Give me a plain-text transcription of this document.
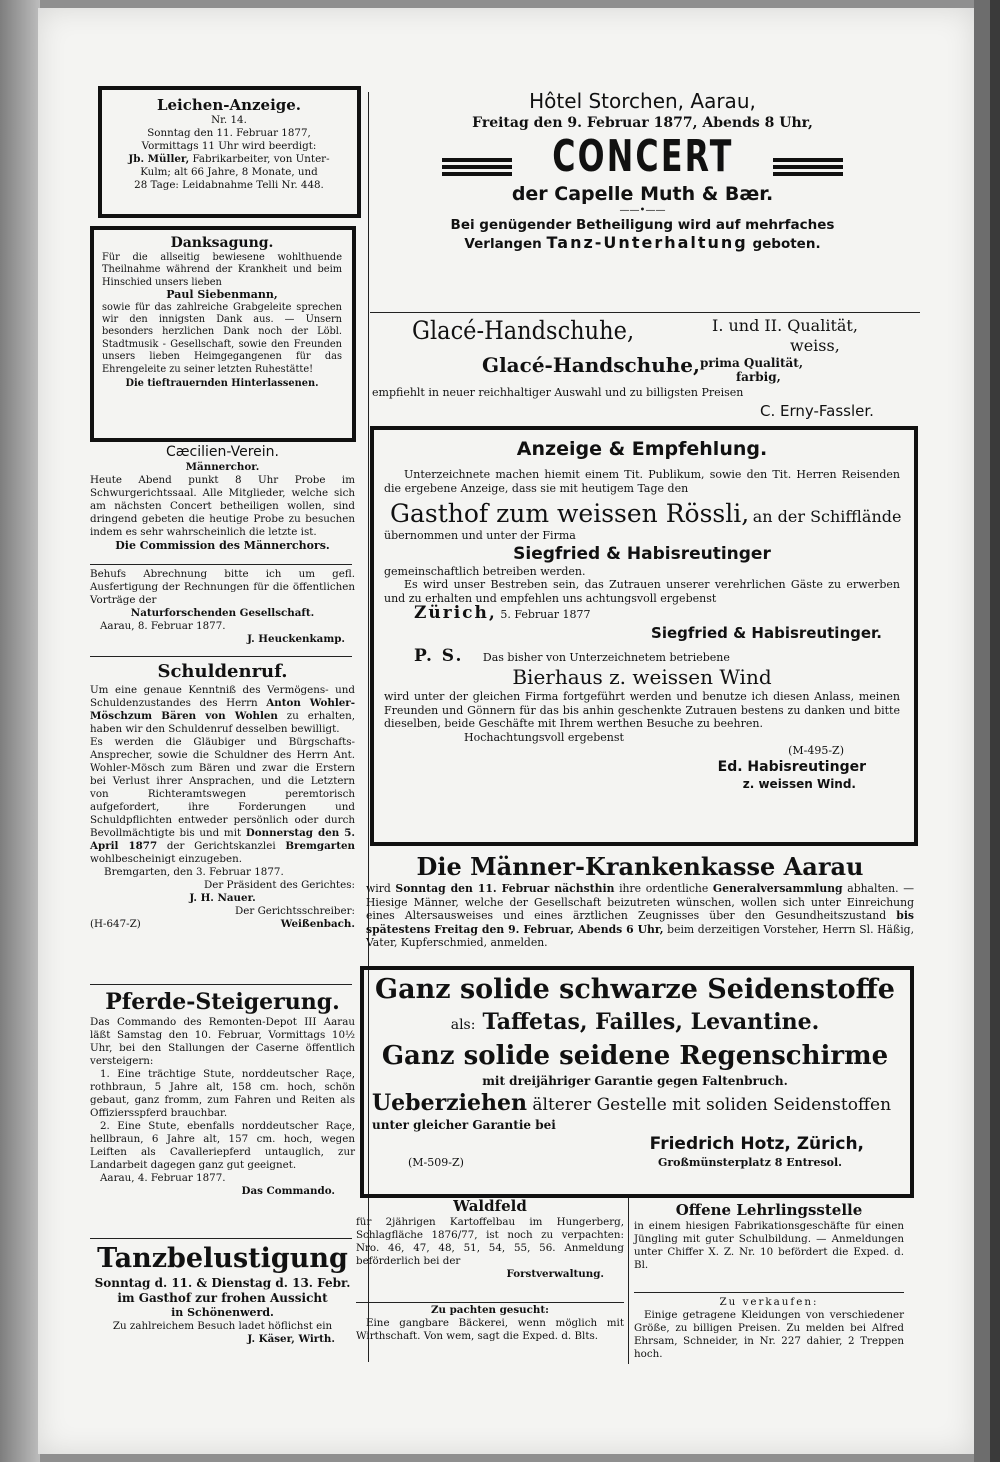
Leichen-Anzeige.

Nr. 14.

Sonntag den 11. Februar 1877,

Vormittags 11 Uhr wird beerdigt:

Jb. Müller, Fabrikarbeiter, von Unter-

Kulm; alt 66 Jahre, 8 Monate, und

28 Tage: Leidabnahme Telli Nr. 448.

Danksagung.

Für die allseitig bewiesene wohlthuende Theilnahme während der Krankheit und beim Hinschied unsers lieben

Paul Siebenmann,

sowie für das zahlreiche Grabgeleite sprechen wir den innigsten Dank aus. — Unsern besonders herzlichen Dank noch der Löbl. Stadtmusik - Gesellschaft, sowie den Freunden unsers lieben Heimgegangenen für das Ehrengeleite zu seiner letzten Ruhestätte!

Die tieftrauernden Hinterlassenen.

Cæcilien-Verein.

Männerchor.

Heute Abend punkt 8 Uhr Probe im Schwurgerichtssaal. Alle Mitglieder, welche sich am nächsten Concert betheiligen wollen, sind dringend gebeten die heutige Probe zu besuchen indem es sehr wahrscheinlich die letzte ist.

Die Commission des Männerchors.

Behufs Abrechnung bitte ich um gefl. Ausfertigung der Rechnungen für die öffentlichen Vorträge der

Naturforschenden Gesellschaft.

Aarau, 8. Februar 1877.

J. Heuckenkamp.

Schuldenruf.

Um eine genaue Kenntniß des Vermögens- und Schuldenzustandes des Herrn Anton Wohler-Möschzum Bären von Wohlen zu erhalten, haben wir den Schuldenruf desselben bewilligt.

Es werden die Gläubiger und Bürgschafts-Ansprecher, sowie die Schuldner des Herrn Ant. Wohler-Mösch zum Bären und zwar die Erstern bei Verlust ihrer Ansprachen, und die Letztern von Richteramtswegen peremtorisch aufgefordert, ihre Forderungen und Schuldpflichten entweder persönlich oder durch Bevollmächtigte bis und mit Donnerstag den 5. April 1877 der Gerichtskanzlei Bremgarten wohlbescheinigt einzugeben.

Bremgarten, den 3. Februar 1877.

Der Präsident des Gerichtes:

J. H. Nauer.

Der Gerichtsschreiber:

(H-647-Z)	Weißenbach.

Pferde-Steigerung.

Das Commando des Remonten-Depot III Aarau läßt Samstag den 10. Februar, Vormittags 10½ Uhr, bei den Stallungen der Caserne öffentlich versteigern:

1. Eine trächtige Stute, norddeutscher Raçe, rothbraun, 5 Jahre alt, 158 cm. hoch, schön gebaut, ganz fromm, zum Fahren und Reiten als Offiziersspferd brauchbar.

2. Eine Stute, ebenfalls norddeutscher Raçe, hellbraun, 6 Jahre alt, 157 cm. hoch, wegen Leiften als Cavalleriepferd untauglich, zur Landarbeit dagegen ganz gut geeignet.

Aarau, 4. Februar 1877.

Das Commando.

Tanzbelustigung

Sonntag d. 11. & Dienstag d. 13. Febr.

im Gasthof zur frohen Aussicht

in Schönenwerd.

Zu zahlreichem Besuch ladet höflichst ein

J. Käser, Wirth.

Hôtel Storchen, Aarau,

Freitag den 9. Februar 1877, Abends 8 Uhr,

CONCERT

der Capelle Muth & Bær.

——•——

Bei genügender Betheiligung wird auf mehrfaches Verlangen Tanz-Unterhaltung geboten.

Glacé-Handschuhe,	I. und II. Qualität,
weiss,
Glacé-Handschuhe, prima Qualität,
farbig,
empfiehlt in neuer reichhaltiger Auswahl und zu billigsten Preisen
C. Erny-Fassler.

Anzeige & Empfehlung.

Unterzeichnete machen hiemit einem Tit. Publikum, sowie den Tit. Herren Reisenden die ergebene Anzeige, dass sie mit heutigem Tage den

Gasthof zum weissen Rössli, an der Schifflände

übernommen und unter der Firma

Siegfried & Habisreutinger

gemeinschaftlich betreiben werden.

Es wird unser Bestreben sein, das Zutrauen unserer verehrlichen Gäste zu erwerben und zu erhalten und empfehlen uns achtungsvoll ergebenst

Zürich, 5. Februar 1877

Siegfried & Habisreutinger.

P. S. Das bisher von Unterzeichnetem betriebene

Bierhaus z. weissen Wind

wird unter der gleichen Firma fortgeführt werden und benutze ich diesen Anlass, meinen Freunden und Gönnern für das bis anhin geschenkte Zutrauen bestens zu danken und bitte dieselben, beide Geschäfte mit Ihrem werthen Besuche zu beehren.

Hochachtungsvoll ergebenst

(M-495-Z)

Ed. Habisreutinger

z. weissen Wind.

Die Männer-Krankenkasse Aarau

wird Sonntag den 11. Februar nächsthin ihre ordentliche Generalversammlung abhalten. — Hiesige Männer, welche der Gesellschaft beizutreten wünschen, wollen sich unter Einreichung eines Altersausweises und eines ärztlichen Zeugnisses über den Gesundheitszustand bis spätestens Freitag den 9. Februar, Abends 6 Uhr, beim derzeitigen Vorsteher, Herrn Sl. Häßig, Vater, Kupferschmied, anmelden.

Ganz solide schwarze Seidenstoffe

als: Taffetas, Failles, Levantine.

Ganz solide seidene Regenschirme

mit dreijähriger Garantie gegen Faltenbruch.

Ueberziehen älterer Gestelle mit soliden Seidenstoffen

unter gleicher Garantie bei

Friedrich Hotz, Zürich,

(M-509-Z)	Großmünsterplatz 8 Entresol.

Waldfeld

für 2jährigen Kartoffelbau im Hungerberg, Schlagfläche 1876/77, ist noch zu verpachten: Nro. 46, 47, 48, 51, 54, 55, 56. Anmeldung beförderlich bei der

Forstverwaltung.

Zu pachten gesucht:

Eine gangbare Bäckerei, wenn möglich mit Wirthschaft. Von wem, sagt die Exped. d. Blts.

Offene Lehrlingsstelle

in einem hiesigen Fabrikationsgeschäfte für einen Jüngling mit guter Schulbildung. — Anmeldungen unter Chiffer X. Z. Nr. 10 befördert die Exped. d. Bl.

Zu verkaufen:

Einige getragene Kleidungen von verschiedener Größe, zu billigen Preisen. Zu melden bei Alfred Ehrsam, Schneider, in Nr. 227 dahier, 2 Treppen hoch.
